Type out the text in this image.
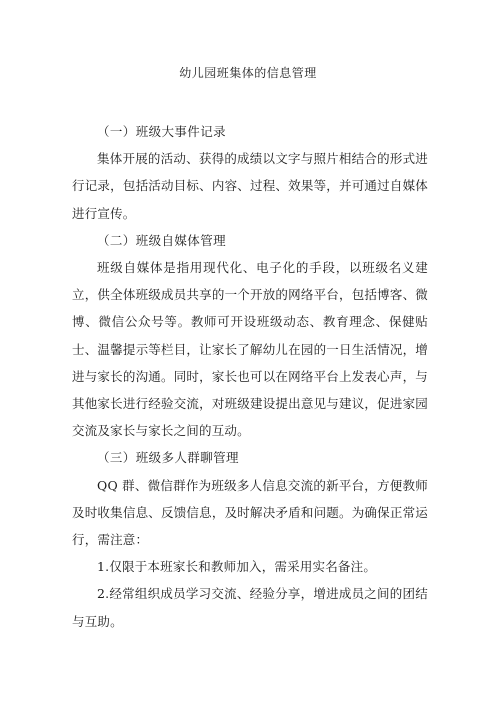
幼儿园班集体的信息管理

（一）班级大事件记录

集体开展的活动、获得的成绩以文字与照片相结合的形式进行记录，包括活动目标、内容、过程、效果等，并可通过自媒体进行宣传。

（二）班级自媒体管理

班级自媒体是指用现代化、电子化的手段，以班级名义建立，供全体班级成员共享的一个开放的网络平台，包括博客、微博、微信公众号等。教师可开设班级动态、教育理念、保健贴士、温馨提示等栏目，让家长了解幼儿在园的一日生活情况，增进与家长的沟通。同时，家长也可以在网络平台上发表心声，与其他家长进行经验交流，对班级建设提出意见与建议，促进家园交流及家长与家长之间的互动。

（三）班级多人群聊管理

QQ 群、微信群作为班级多人信息交流的新平台，方便教师及时收集信息、反馈信息，及时解决矛盾和问题。为确保正常运行，需注意：

1.仅限于本班家长和教师加入，需采用实名备注。

2.经常组织成员学习交流、经验分享，增进成员之间的团结与互助。
